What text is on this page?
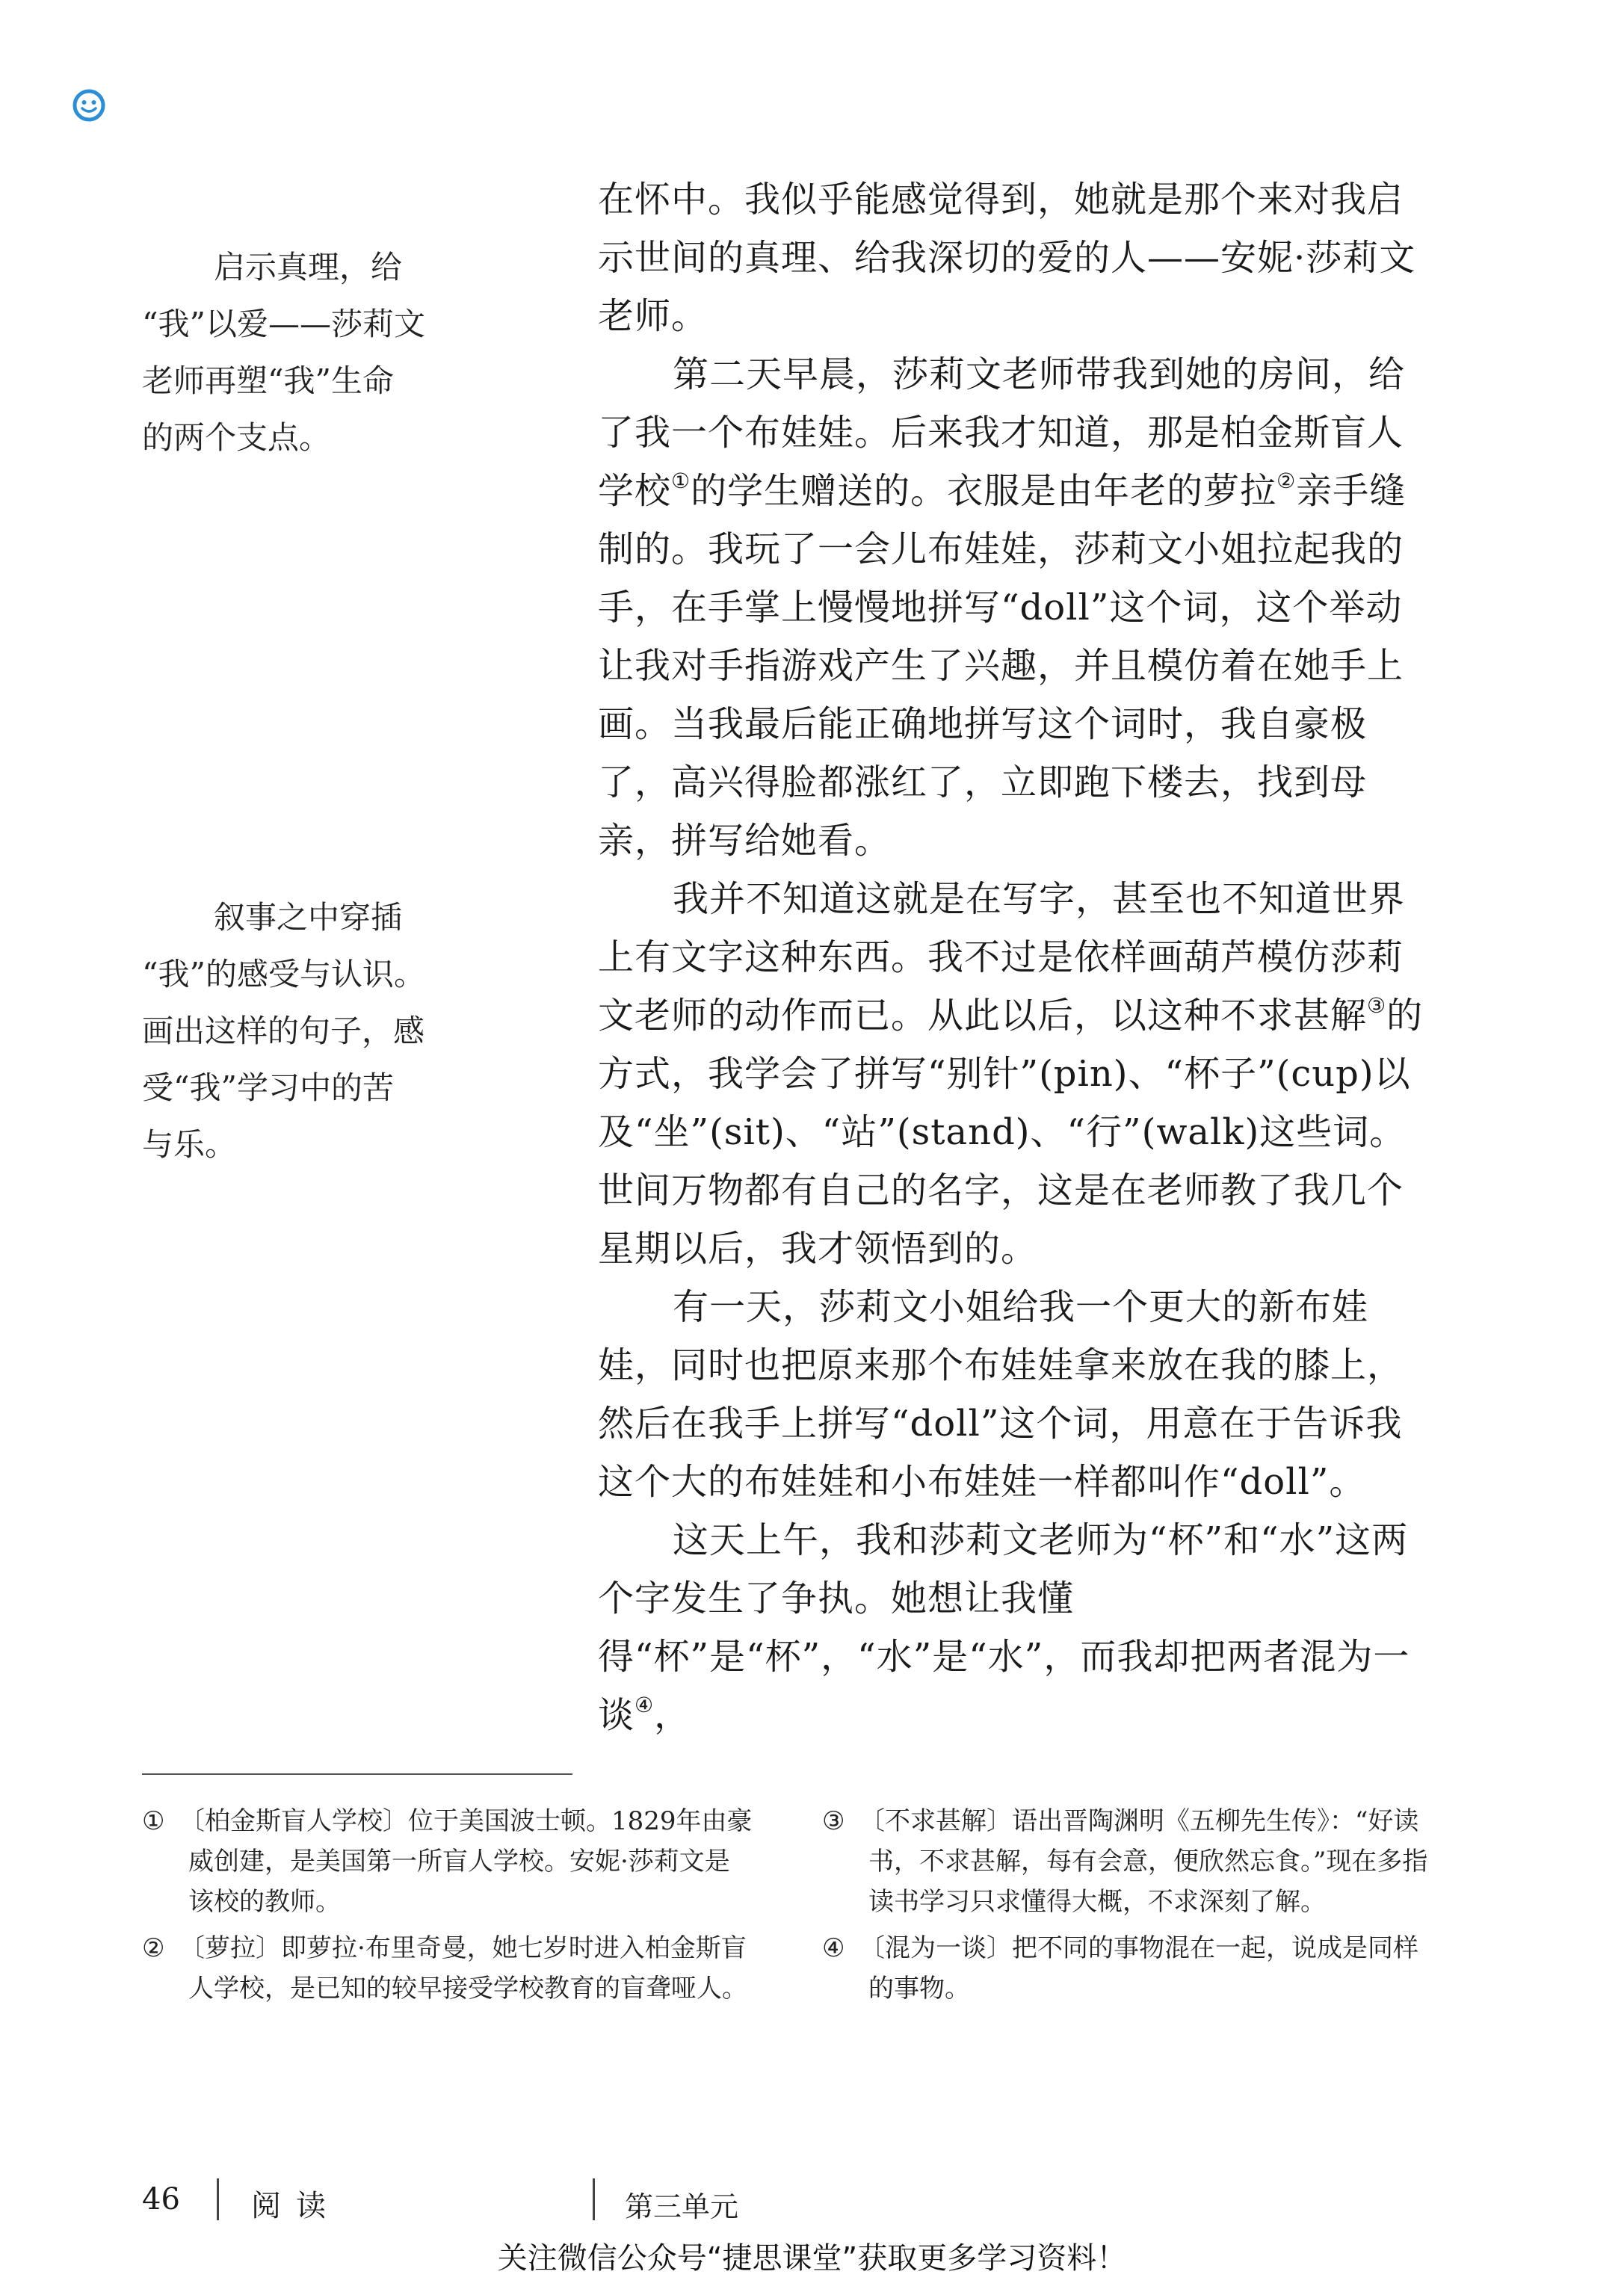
启示真理，给
“我”以爱——莎莉文
老师再塑“我”生命
的两个支点。
叙事之中穿插
“我”的感受与认识。
画出这样的句子，感
受“我”学习中的苦
与乐。

在怀中。我似乎能感觉得到，她就是那个来对我启示世间的真理、给我深切的爱的人——安妮·莎莉文老师。

第二天早晨，莎莉文老师带我到她的房间，给了我一个布娃娃。后来我才知道，那是柏金斯盲人学校①的学生赠送的。衣服是由年老的萝拉②亲手缝制的。我玩了一会儿布娃娃，莎莉文小姐拉起我的手，在手掌上慢慢地拼写“doll”这个词，这个举动让我对手指游戏产生了兴趣，并且模仿着在她手上画。当我最后能正确地拼写这个词时，我自豪极了，高兴得脸都涨红了，立即跑下楼去，找到母亲，拼写给她看。

我并不知道这就是在写字，甚至也不知道世界上有文字这种东西。我不过是依样画葫芦模仿莎莉文老师的动作而已。从此以后，以这种不求甚解③的方式，我学会了拼写“别针”(pin)、“杯子”(cup)以及“坐”(sit)、“站”(stand)、“行”(walk)这些词。世间万物都有自己的名字，这是在老师教了我几个星期以后，我才领悟到的。

有一天，莎莉文小姐给我一个更大的新布娃娃，同时也把原来那个布娃娃拿来放在我的膝上，然后在我手上拼写“doll”这个词，用意在于告诉我这个大的布娃娃和小布娃娃一样都叫作“doll”。

这天上午，我和莎莉文老师为“杯”和“水”这两个字发生了争执。她想让我懂得“杯”是“杯”，“水”是“水”，而我却把两者混为一谈④，

① 〔柏金斯盲人学校〕位于美国波士顿。1829年由豪威创建，是美国第一所盲人学校。安妮·莎莉文是该校的教师。
② 〔萝拉〕即萝拉·布里奇曼，她七岁时进入柏金斯盲人学校，是已知的较早接受学校教育的盲聋哑人。
③ 〔不求甚解〕语出晋陶渊明《五柳先生传》：“好读书，不求甚解，每有会意，便欣然忘食。”现在多指读书学习只求懂得大概，不求深刻了解。
④ 〔混为一谈〕把不同的事物混在一起，说成是同样的事物。
46 阅读	第三单元
关注微信公众号“捷思课堂”获取更多学习资料！
